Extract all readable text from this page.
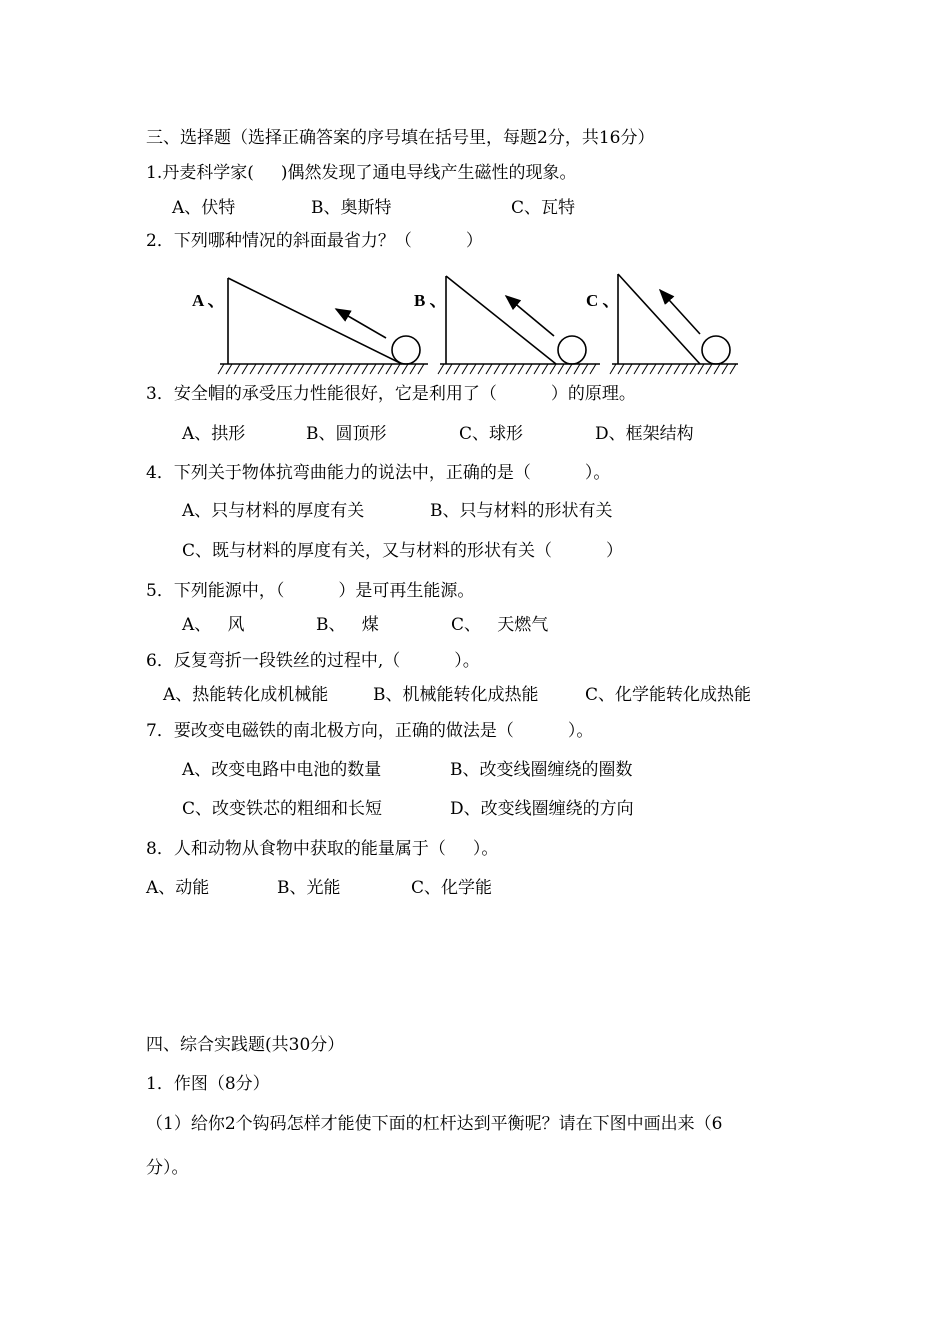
三、选择题（选择正确答案的序号填在括号里，每题2分，共16分）
1.丹麦科学家(     )偶然发现了通电导线产生磁性的现象。
A、伏特	B、奥斯特	C、瓦特
2．下列哪种情况的斜面最省力？（          ）
A 、	B 、	C 、
3．安全帽的承受压力性能很好，它是利用了（          ）的原理。
A、拱形	B、圆顶形	C、球形	D、框架结构
4．下列关于物体抗弯曲能力的说法中，正确的是（          ）。
A、只与材料的厚度有关	B、只与材料的形状有关
C、既与材料的厚度有关，又与材料的形状有关（          ）
5．下列能源中，（          ）是可再生能源。
A、   风	B、   煤	C、   天燃气
6．反复弯折一段铁丝的过程中,（          ）。
A、热能转化成机械能	B、机械能转化成热能	C、化学能转化成热能
7．要改变电磁铁的南北极方向，正确的做法是（          ）。
A、改变电路中电池的数量	B、改变线圈缠绕的圈数
C、改变铁芯的粗细和长短	D、改变线圈缠绕的方向
8．人和动物从食物中获取的能量属于（     ）。
A、动能	B、光能	C、化学能
四、综合实践题(共30分）
1．作图（8分）
（1）给你2个钩码怎样才能使下面的杠杆达到平衡呢？请在下图中画出来（6
分）。
